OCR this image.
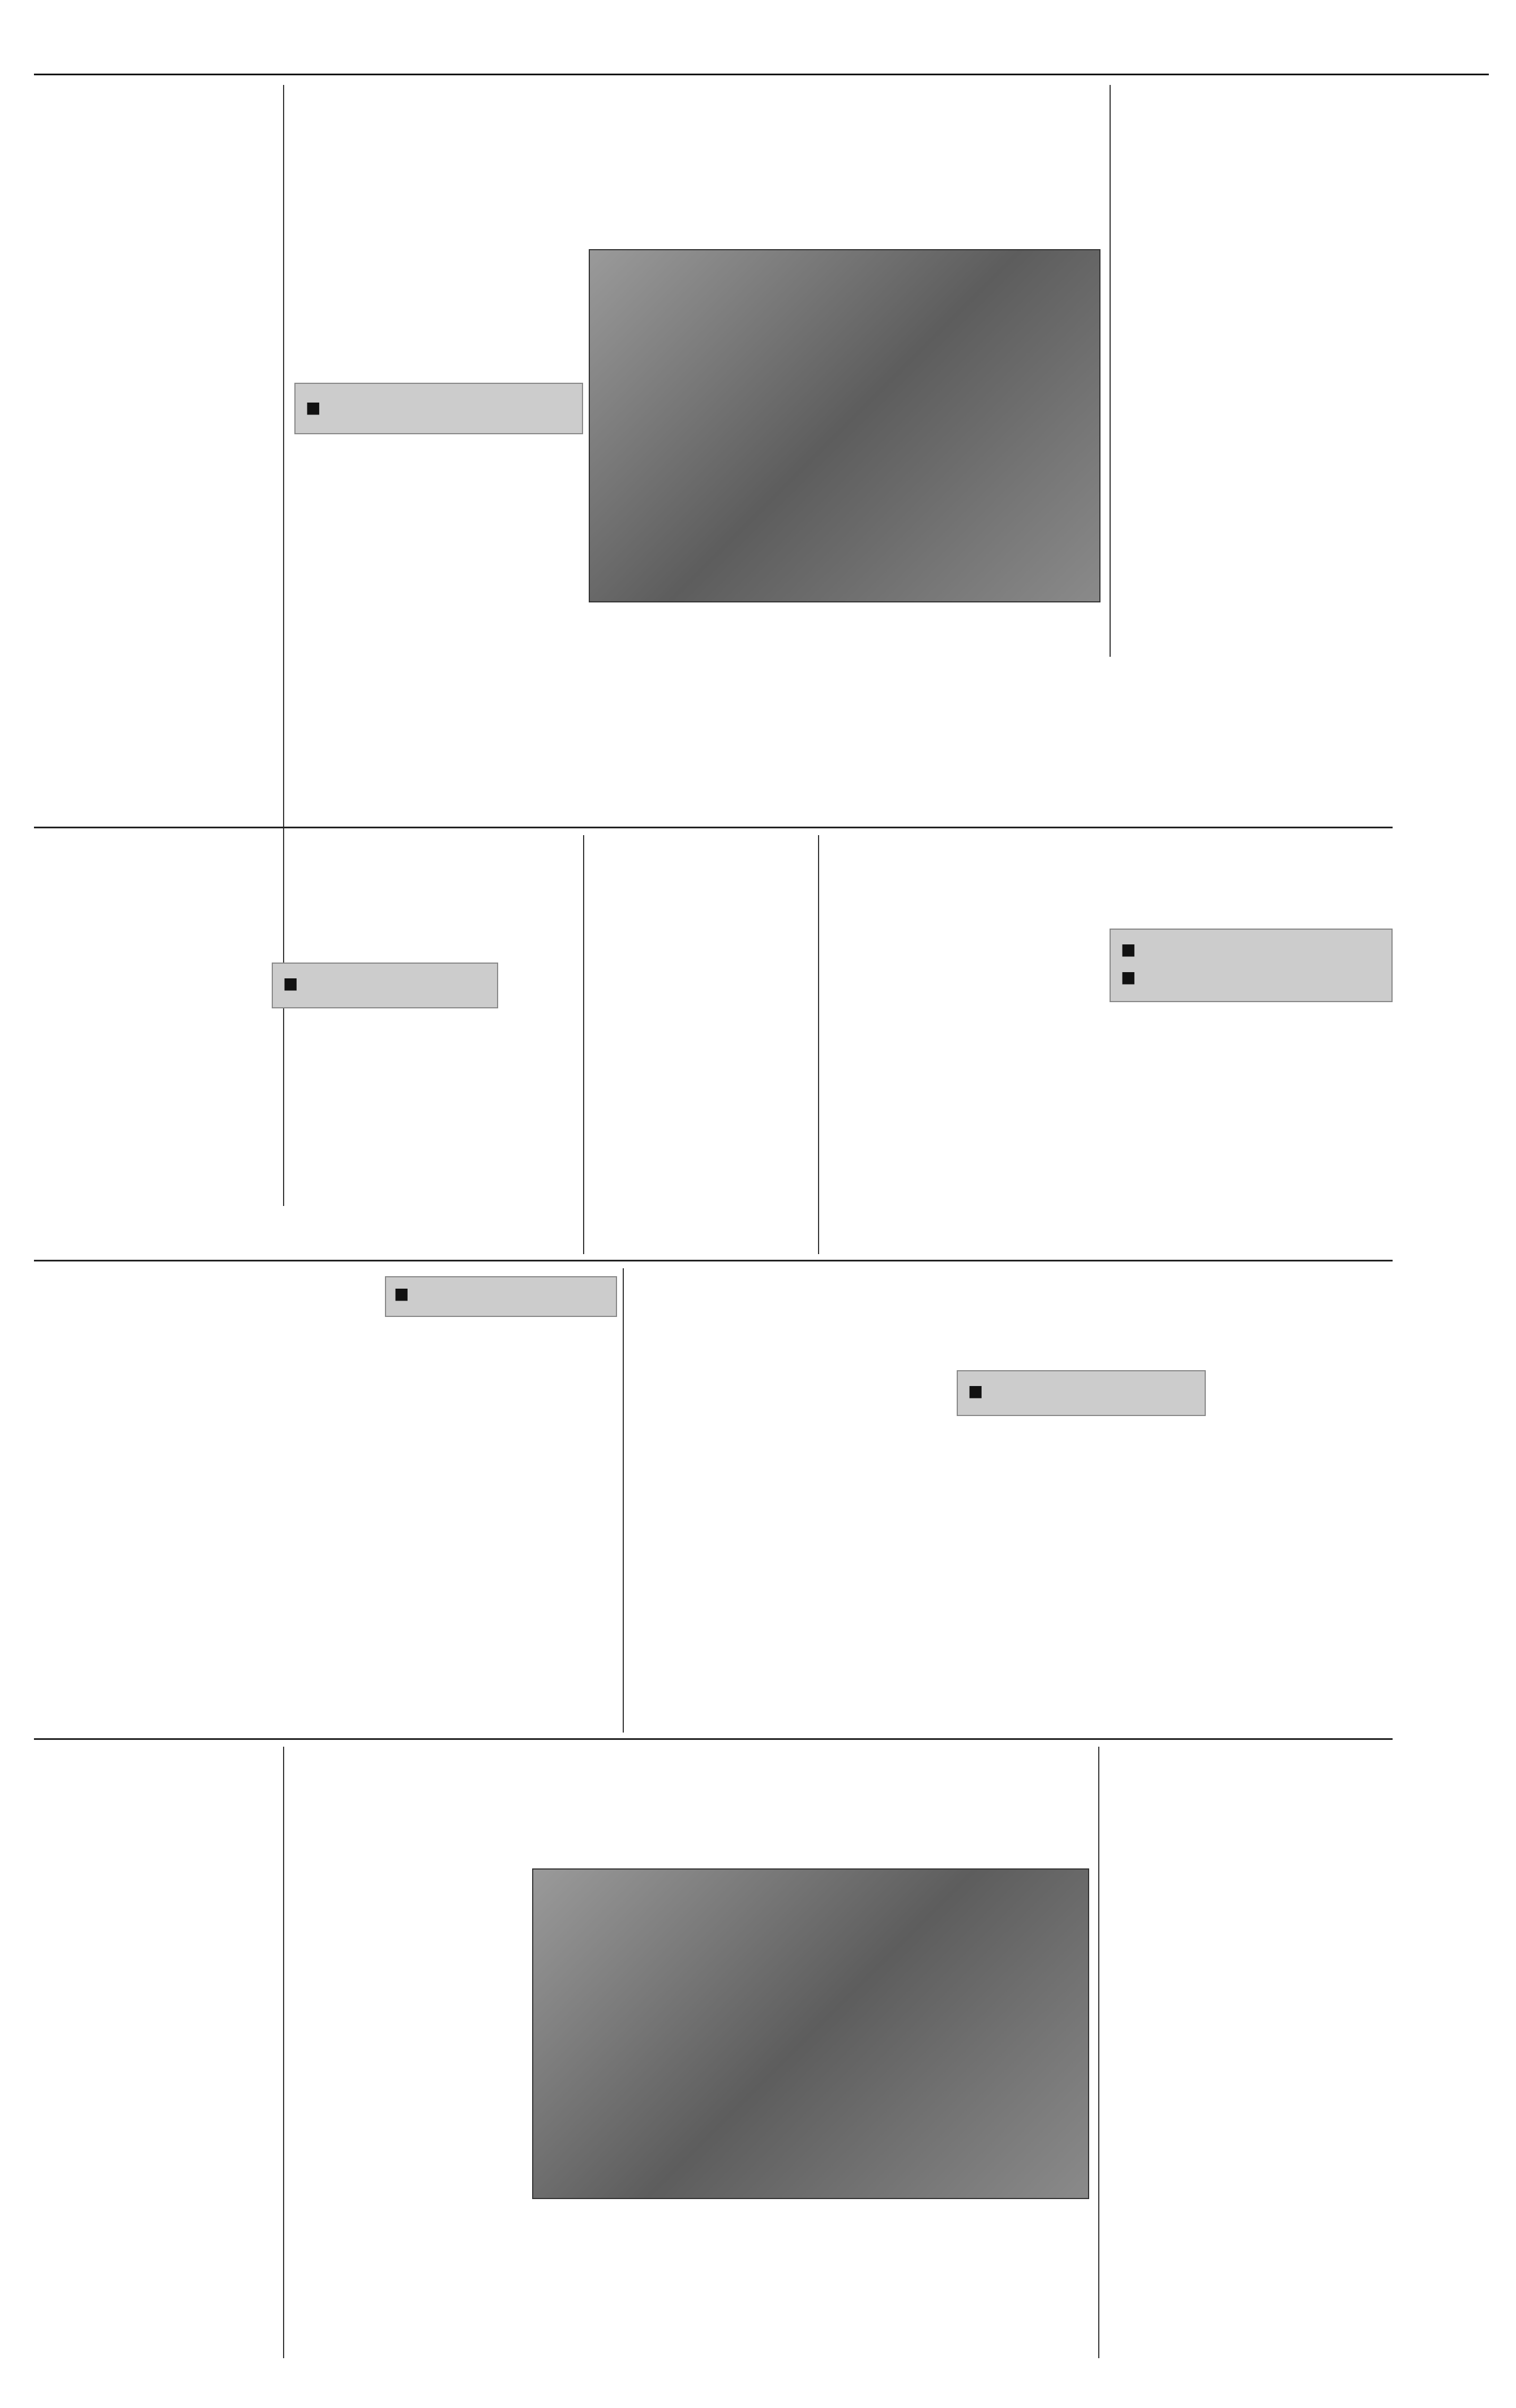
■
■
■
■
■
■
